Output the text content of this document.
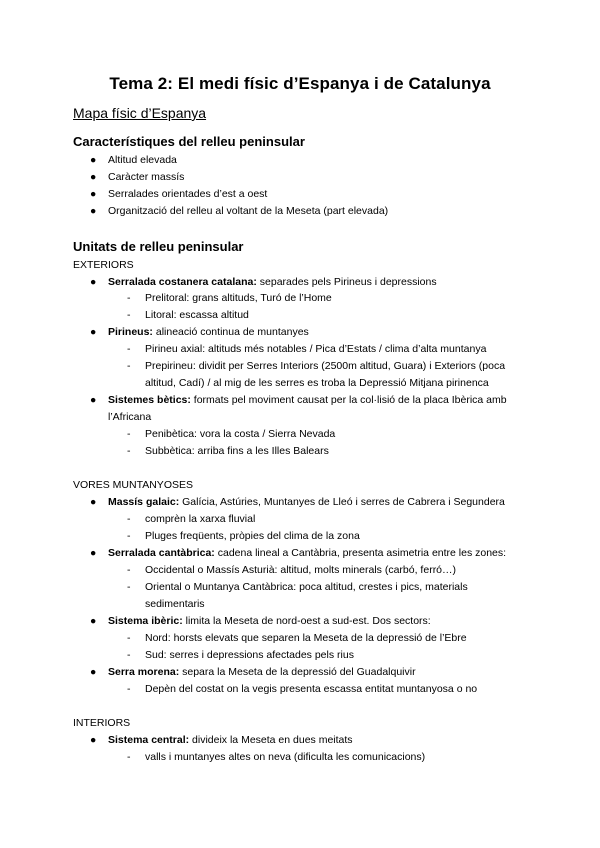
Tema 2: El medi físic d’Espanya i de Catalunya
Mapa físic d’Espanya
Característiques del relleu peninsular
● Altitud elevada
● Caràcter massís
● Serralades orientades d’est a oest
● Organització del relleu al voltant de la Meseta (part elevada)
Unitats de relleu peninsular
EXTERIORS
● Serralada costanera catalana: separades pels Pirineus i depressions
- Prelitoral: grans altituds, Turó de l’Home
- Litoral: escassa altitud
● Pirineus: alineació continua de muntanyes
- Pirineu axial: altituds més notables / Pica d’Estats / clima d’alta muntanya
- Prepirineu: dividit per Serres Interiors (2500m altitud, Guara) i Exteriors (poca
altitud, Cadí) / al mig de les serres es troba la Depressió Mitjana pirinenca
● Sistemes bètics: formats pel moviment causat per la col·lisió de la placa Ibèrica amb
l’Africana
- Penibètica: vora la costa / Sierra Nevada
- Subbètica: arriba fins a les Illes Balears
VORES MUNTANYOSES
● Massís galaic: Galícia, Astúries, Muntanyes de Lleó i serres de Cabrera i Segundera
- comprèn la xarxa fluvial
- Pluges freqüents, pròpies del clima de la zona
● Serralada cantàbrica: cadena lineal a Cantàbria, presenta asimetria entre les zones:
- Occidental o Massís Asturià: altitud, molts minerals (carbó, ferró…)
- Oriental o Muntanya Cantàbrica: poca altitud, crestes i pics, materials
sedimentaris
● Sistema ibèric: limita la Meseta de nord-oest a sud-est. Dos sectors:
- Nord: horsts elevats que separen la Meseta de la depressió de l’Ebre
- Sud: serres i depressions afectades pels rius
● Serra morena: separa la Meseta de la depressió del Guadalquivir
- Depèn del costat on la vegis presenta escassa entitat muntanyosa o no
INTERIORS
● Sistema central: divideix la Meseta en dues meitats
- valls i muntanyes altes on neva (dificulta les comunicacions)
